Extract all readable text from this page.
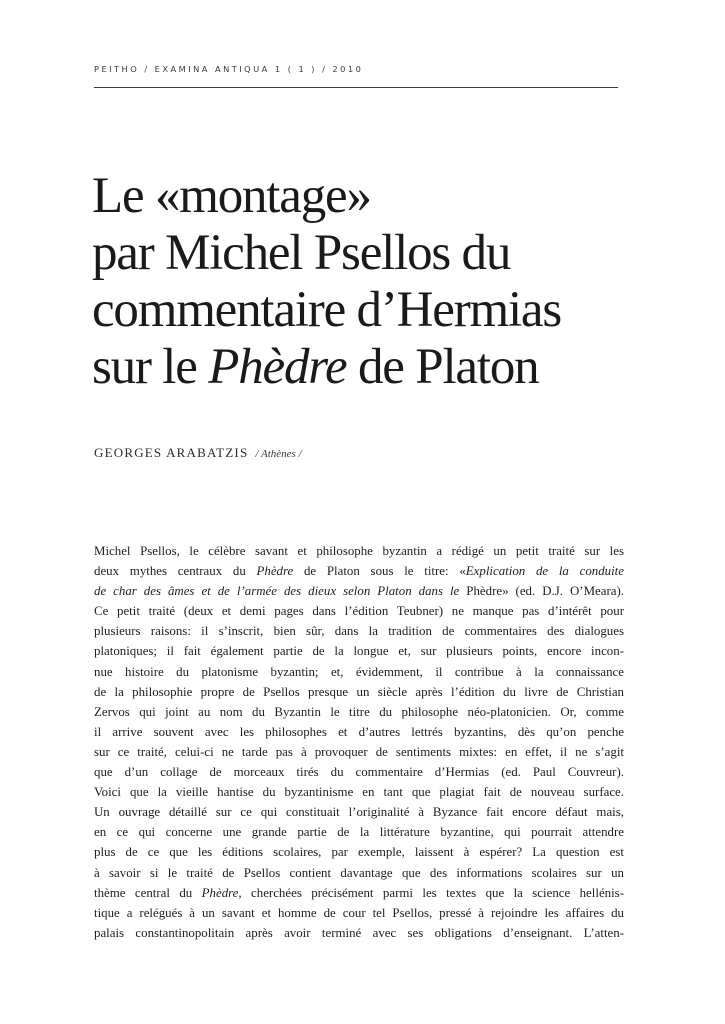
PEITHO / EXAMINA ANTIQUA 1 ( 1 ) / 2010

Le «montage»
par Michel Psellos du
commentaire d’Hermias
sur le Phèdre de Platon

GEORGES ARABATZIS / Athènes /

Michel Psellos, le célèbre savant et philosophe byzantin a rédigé un petit traité sur les
deux mythes centraux du Phèdre de Platon sous le titre: «Explication de la conduite
de char des âmes et de l’armée des dieux selon Platon dans le Phèdre» (ed. D.J. O’Meara).
Ce petit traité (deux et demi pages dans l’édition Teubner) ne manque pas d’intérêt pour
plusieurs raisons: il s’inscrit, bien sûr, dans la tradition de commentaires des dialogues
platoniques; il fait également partie de la longue et, sur plusieurs points, encore incon-
nue histoire du platonisme byzantin; et, évidemment, il contribue à la connaissance
de la philosophie propre de Psellos presque un siècle après l’édition du livre de Christian
Zervos qui joint au nom du Byzantin le titre du philosophe néo-platonicien. Or, comme
il arrive souvent avec les philosophes et d’autres lettrés byzantins, dès qu’on penche
sur ce traité, celui-ci ne tarde pas à provoquer de sentiments mixtes: en effet, il ne s’agit
que d’un collage de morceaux tirés du commentaire d’Hermias (ed. Paul Couvreur).
Voici que la vieille hantise du byzantinisme en tant que plagiat fait de nouveau surface.
Un ouvrage détaillé sur ce qui constituait l’originalité à Byzance fait encore défaut mais,
en ce qui concerne une grande partie de la littérature byzantine, qui pourrait attendre
plus de ce que les éditions scolaires, par exemple, laissent à espérer? La question est
à savoir si le traité de Psellos contient davantage que des informations scolaires sur un
thème central du Phèdre, cherchées précisément parmi les textes que la science hellénis-
tique a relégués à un savant et homme de cour tel Psellos, pressé à rejoindre les affaires du
palais constantinopolitain après avoir terminé avec ses obligations d’enseignant. L’atten-
